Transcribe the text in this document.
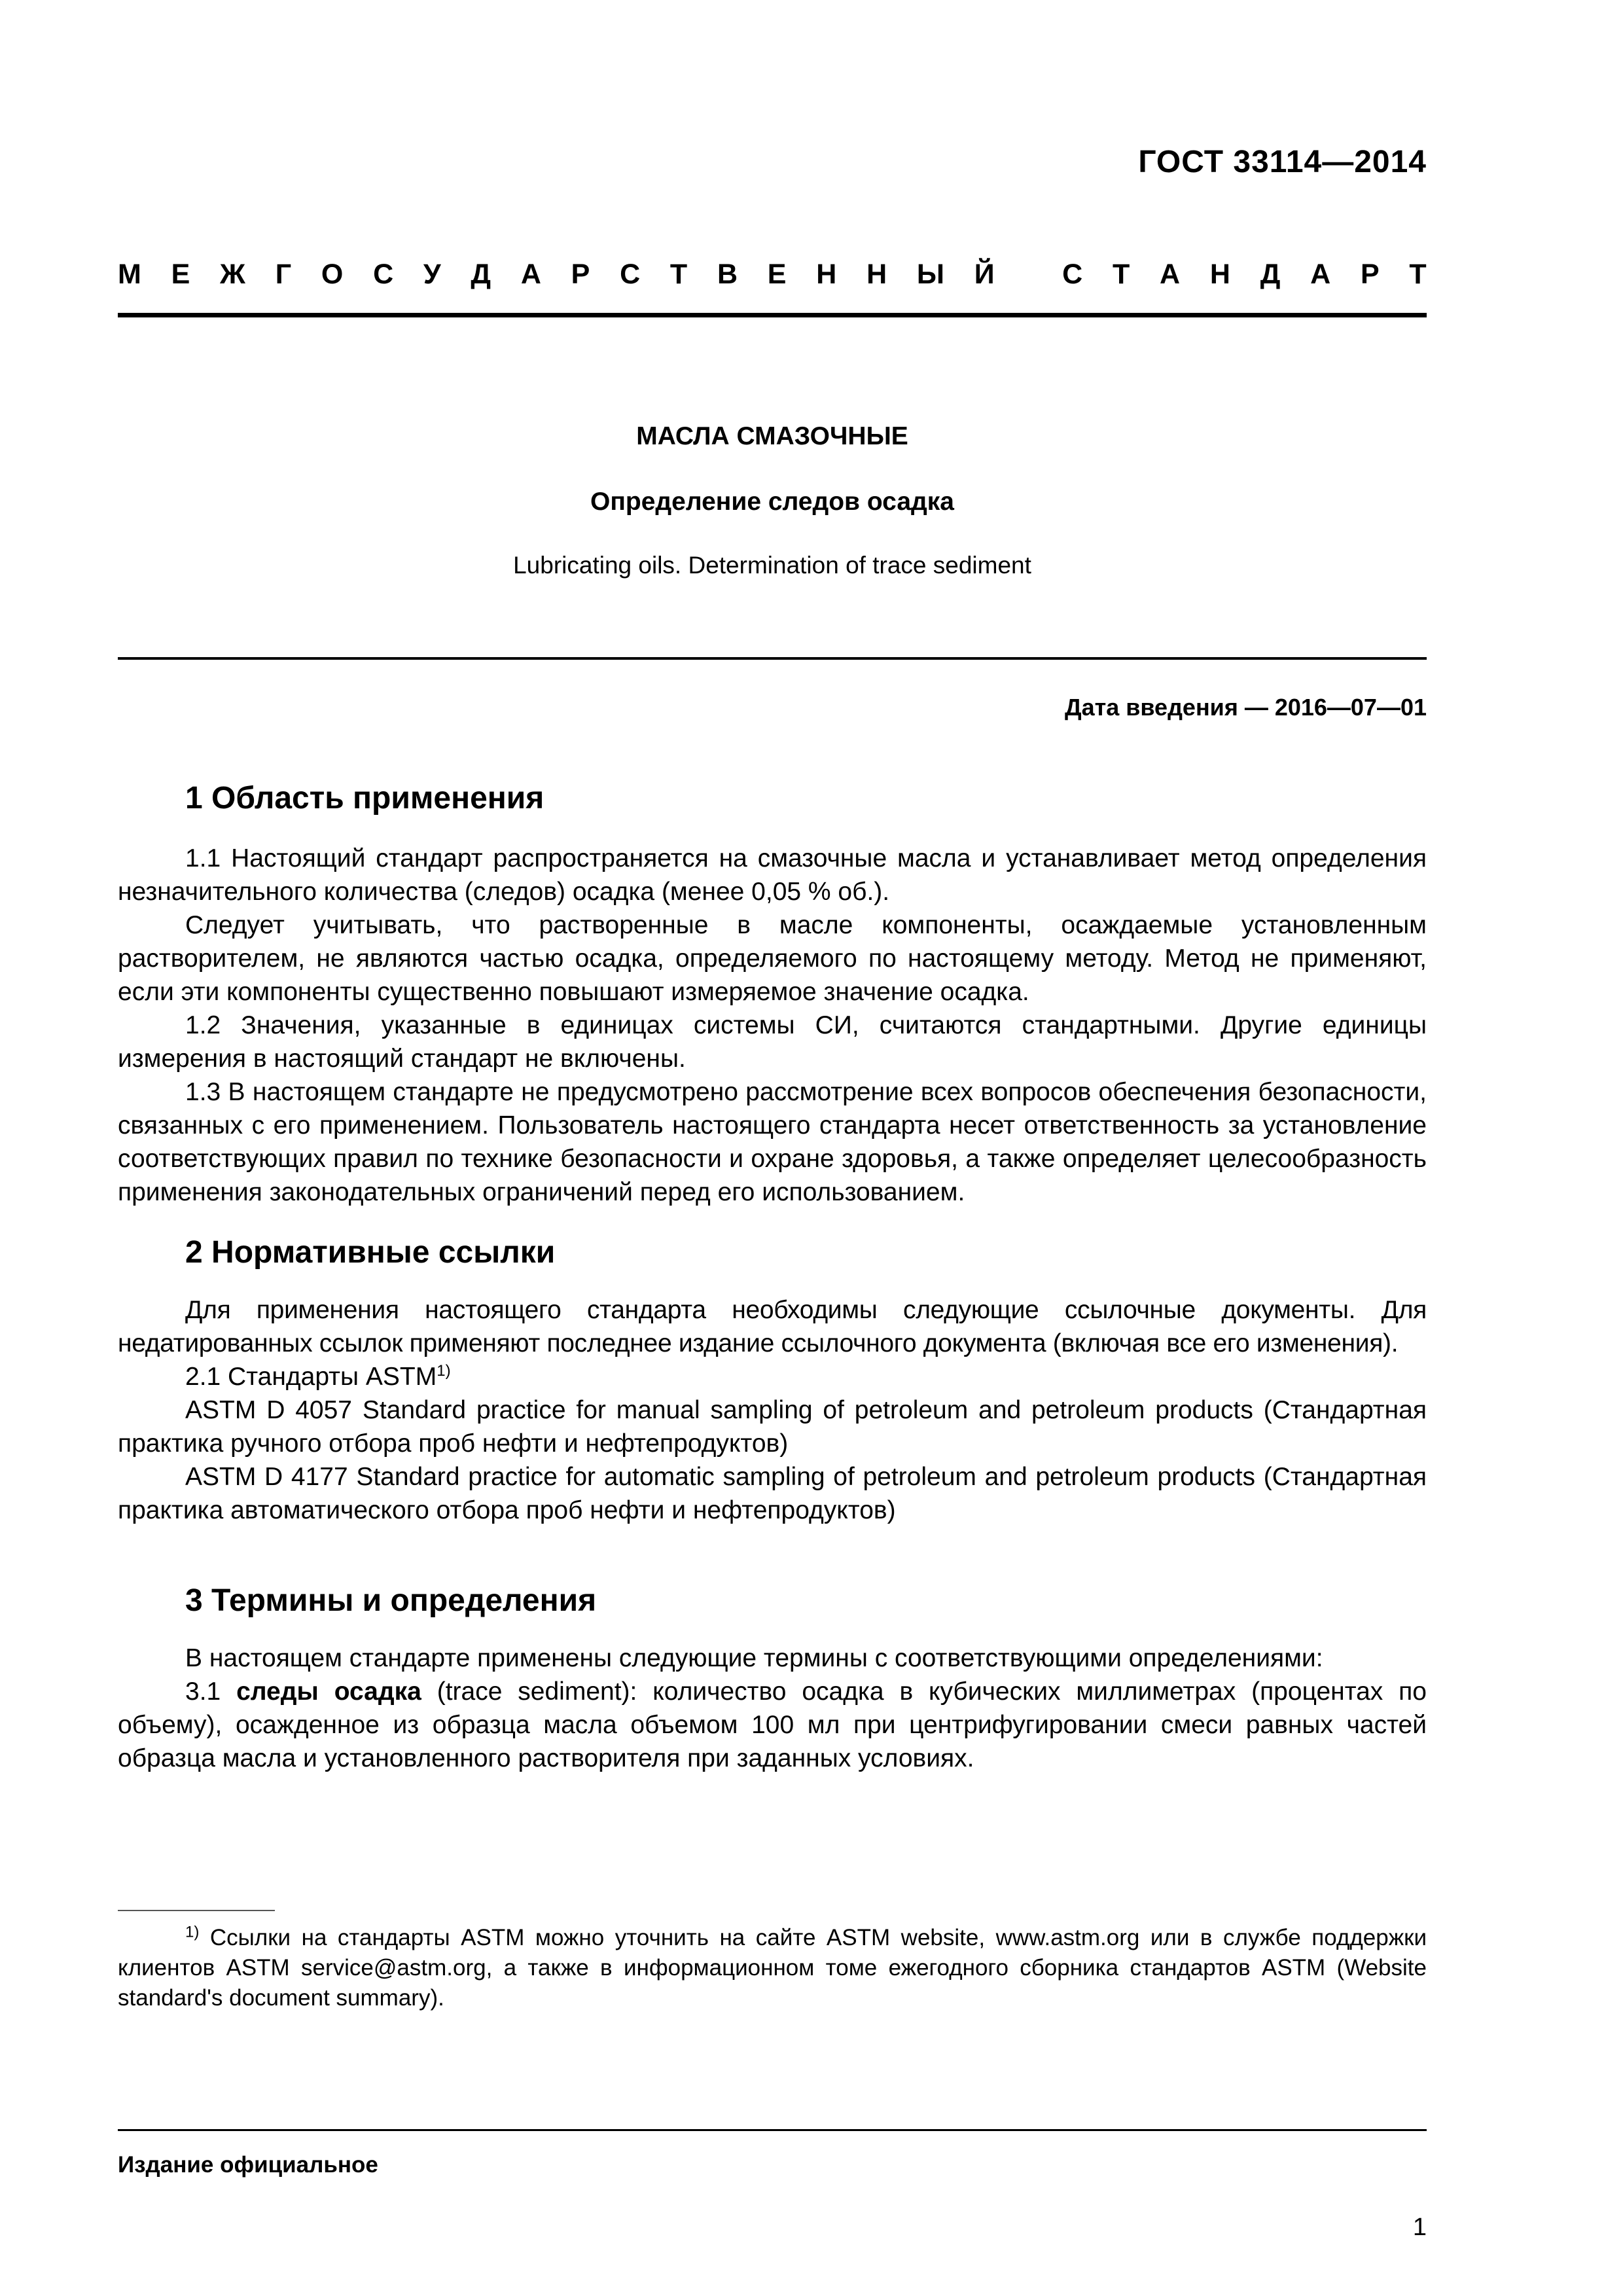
ГОСТ 33114—2014
М Е Ж Г О С У Д А Р С Т В Е Н Н Ы Й
С Т А Н Д А Р Т
МАСЛА СМАЗОЧНЫЕ
Определение следов осадка
Lubricating oils. Determination of trace sediment
Дата введения — 2016—07—01
1 Область применения

1.1 Настоящий стандарт распространяется на смазочные масла и устанавливает метод определения незначительного количества (следов) осадка (менее 0,05 % об.).

Следует учитывать, что растворенные в масле компоненты, осаждаемые установленным растворителем, не являются частью осадка, определяемого по настоящему методу. Метод не применяют, если эти компоненты существенно повышают измеряемое значение осадка.

1.2 Значения, указанные в единицах системы СИ, считаются стандартными. Другие единицы измерения в настоящий стандарт не включены.

1.3 В настоящем стандарте не предусмотрено рассмотрение всех вопросов обеспечения безопасности, связанных с его применением. Пользователь настоящего стандарта несет ответственность за установление соответствующих правил по технике безопасности и охране здоровья, а также определяет целесообразность применения законодательных ограничений перед его использованием.

2 Нормативные ссылки

Для применения настоящего стандарта необходимы следующие ссылочные документы. Для недатированных ссылок применяют последнее издание ссылочного документа (включая все его изменения).

2.1 Стандарты ASTM$^{1)}$

ASTM D 4057 Standard practice for manual sampling of petroleum and petroleum products (Стандартная практика ручного отбора проб нефти и нефтепродуктов)

ASTM D 4177 Standard practice for automatic sampling of petroleum and petroleum products (Стандартная практика автоматического отбора проб нефти и нефтепродуктов)

3 Термины и определения

В настоящем стандарте применены следующие термины с соответствующими определениями:

3.1 следы осадка (trace sediment): количество осадка в кубических миллиметрах (процентах по объему), осажденное из образца масла объемом 100 мл при центрифугировании смеси равных частей образца масла и установленного растворителя при заданных условиях.

$^{1)}$ Ссылки на стандарты ASTM можно уточнить на сайте ASTM website, www.astm.org или в службе поддержки клиентов ASTM service@astm.org, а также в информационном томе ежегодного сборника стандартов ASTM (Website standard's document summary).

Издание официальное
1
